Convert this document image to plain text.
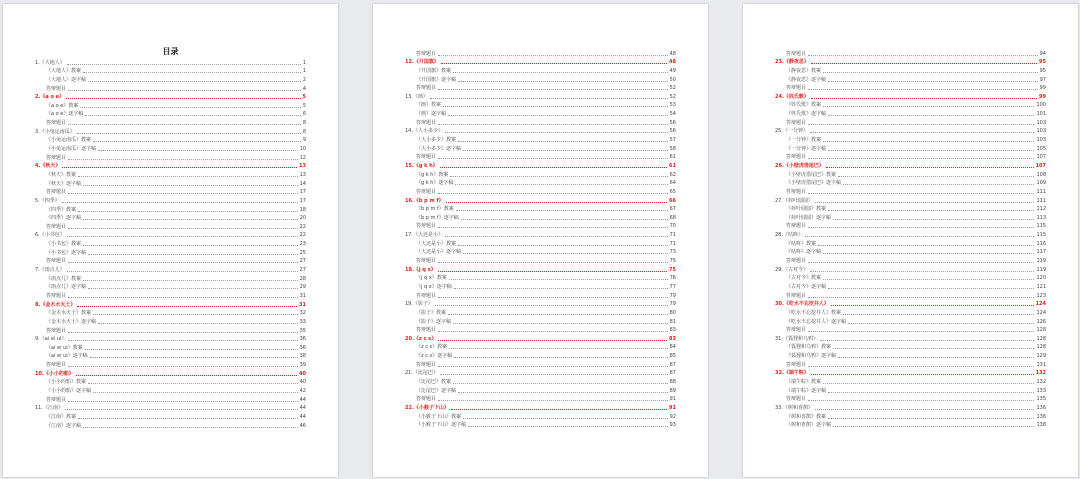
目录
1.《大地人》	1
《大地人》教案	1
《大地人》逐字稿	2
答辩题目	4
2.《a o e》	5
《a o e》教案	5
《a o e》逐字稿	6
答辩题目	8
3.《小兔运南瓜》	8
《小兔运南瓜》教案	9
《小兔运南瓜》逐字稿	10
答辩题目	12
4.《秋天》	13
《秋天》教案	13
《秋天》逐字稿	14
答辩题目	17
5.《四季》	17
《四季》教案	18
《四季》逐字稿	20
答辩题目	22
6.《小书包》	22
《小书包》教案	23
《小书包》逐字稿	25
答辩题目	27
7.《雨点儿》	27
《雨点儿》教案	28
《雨点儿》逐字稿	29
答辩题目	31
8.《金木水火土》	31
《金木水火土》教案	32
《金木水火土》逐字稿	33
答辩题目	35
9.《ai ei ui》	36
《ai ei ui》教案	36
《ai ei ui》逐字稿	38
答辩题目	39
10.《小小的船》	40
《小小的船》教案	40
《小小的船》逐字稿	42
答辩题目	44
11.《江南》	44
《江南》教案	44
《江南》逐字稿	46
答辩题目	48
12.《升国旗》	48
《升国旗》教案	49
《升国旗》逐字稿	50
答辩题目	52
13.《画》	52
《画》教案	53
《画》逐字稿	54
答辩题目	56
14.《大小多少》	56
《大小多少》教案	57
《大小多少》逐字稿	58
答辩题目	61
15.《g k h》	61
《g k h》教案	62
《g k h》逐字稿	64
答辩题目	65
16.《b p m f》	66
《b p m f》教案	67
《b p m f》逐字稿	68
答辩题目	70
17.《大还是小》	71
《大还是小》教案	71
《大还是小》逐字稿	73
答辩题目	75
18.《j q x》	75
《j q x》教案	76
《j q x》逐字稿	77
答辩题目	79
19.《影子》	79
《影子》教案	80
《影子》逐字稿	81
答辩题目	83
20.《z c s》	83
《z c s》教案	84
《z c s》逐字稿	85
答辩题目	87
21.《比尾巴》	87
《比尾巴》教案	88
《比尾巴》逐字稿	89
答辩题目	91
22.《小猴子下山》	91
《小猴子下山》教案	92
《小猴子下山》逐字稿	93
答辩题目	94
23.《静夜思》	95
《静夜思》教案	95
《静夜思》逐字稿	97
答辩题目	99
24.《姓氏歌》	99
《姓氏歌》教案	100
《姓氏歌》逐字稿	101
答辩题目	103
25.《一分钟》	103
《一分钟》教案	103
《一分钟》逐字稿	105
答辩题目	107
26.《小壁虎借尾巴》	107
《小壁虎借尾巴》教案	108
《小壁虎借尾巴》逐字稿	109
答辩题目	111
27.《荷叶圆圆》	111
《荷叶圆圆》教案	112
《荷叶圆圆》逐字稿	113
答辩题目	115
28.《咕咚》	115
《咕咚》教案	116
《咕咚》逐字稿	117
答辩题目	119
29.《古对今》	119
《古对今》教案	120
《古对今》逐字稿	121
答辩题目	123
30.《吃水不忘挖井人》	124
《吃水不忘挖井人》教案	124
《吃水不忘挖井人》逐字稿	126
答辩题目	128
31.《狐狸和乌鸦》	128
《狐狸和乌鸦》教案	128
《狐狸和乌鸦》逐字稿	129
答辩题目	131
32.《端午粽》	132
《端午粽》教案	132
《端午粽》逐字稿	133
答辩题目	135
33.《树和喜鹊》	136
《树和喜鹊》教案	136
《树和喜鹊》逐字稿	138
